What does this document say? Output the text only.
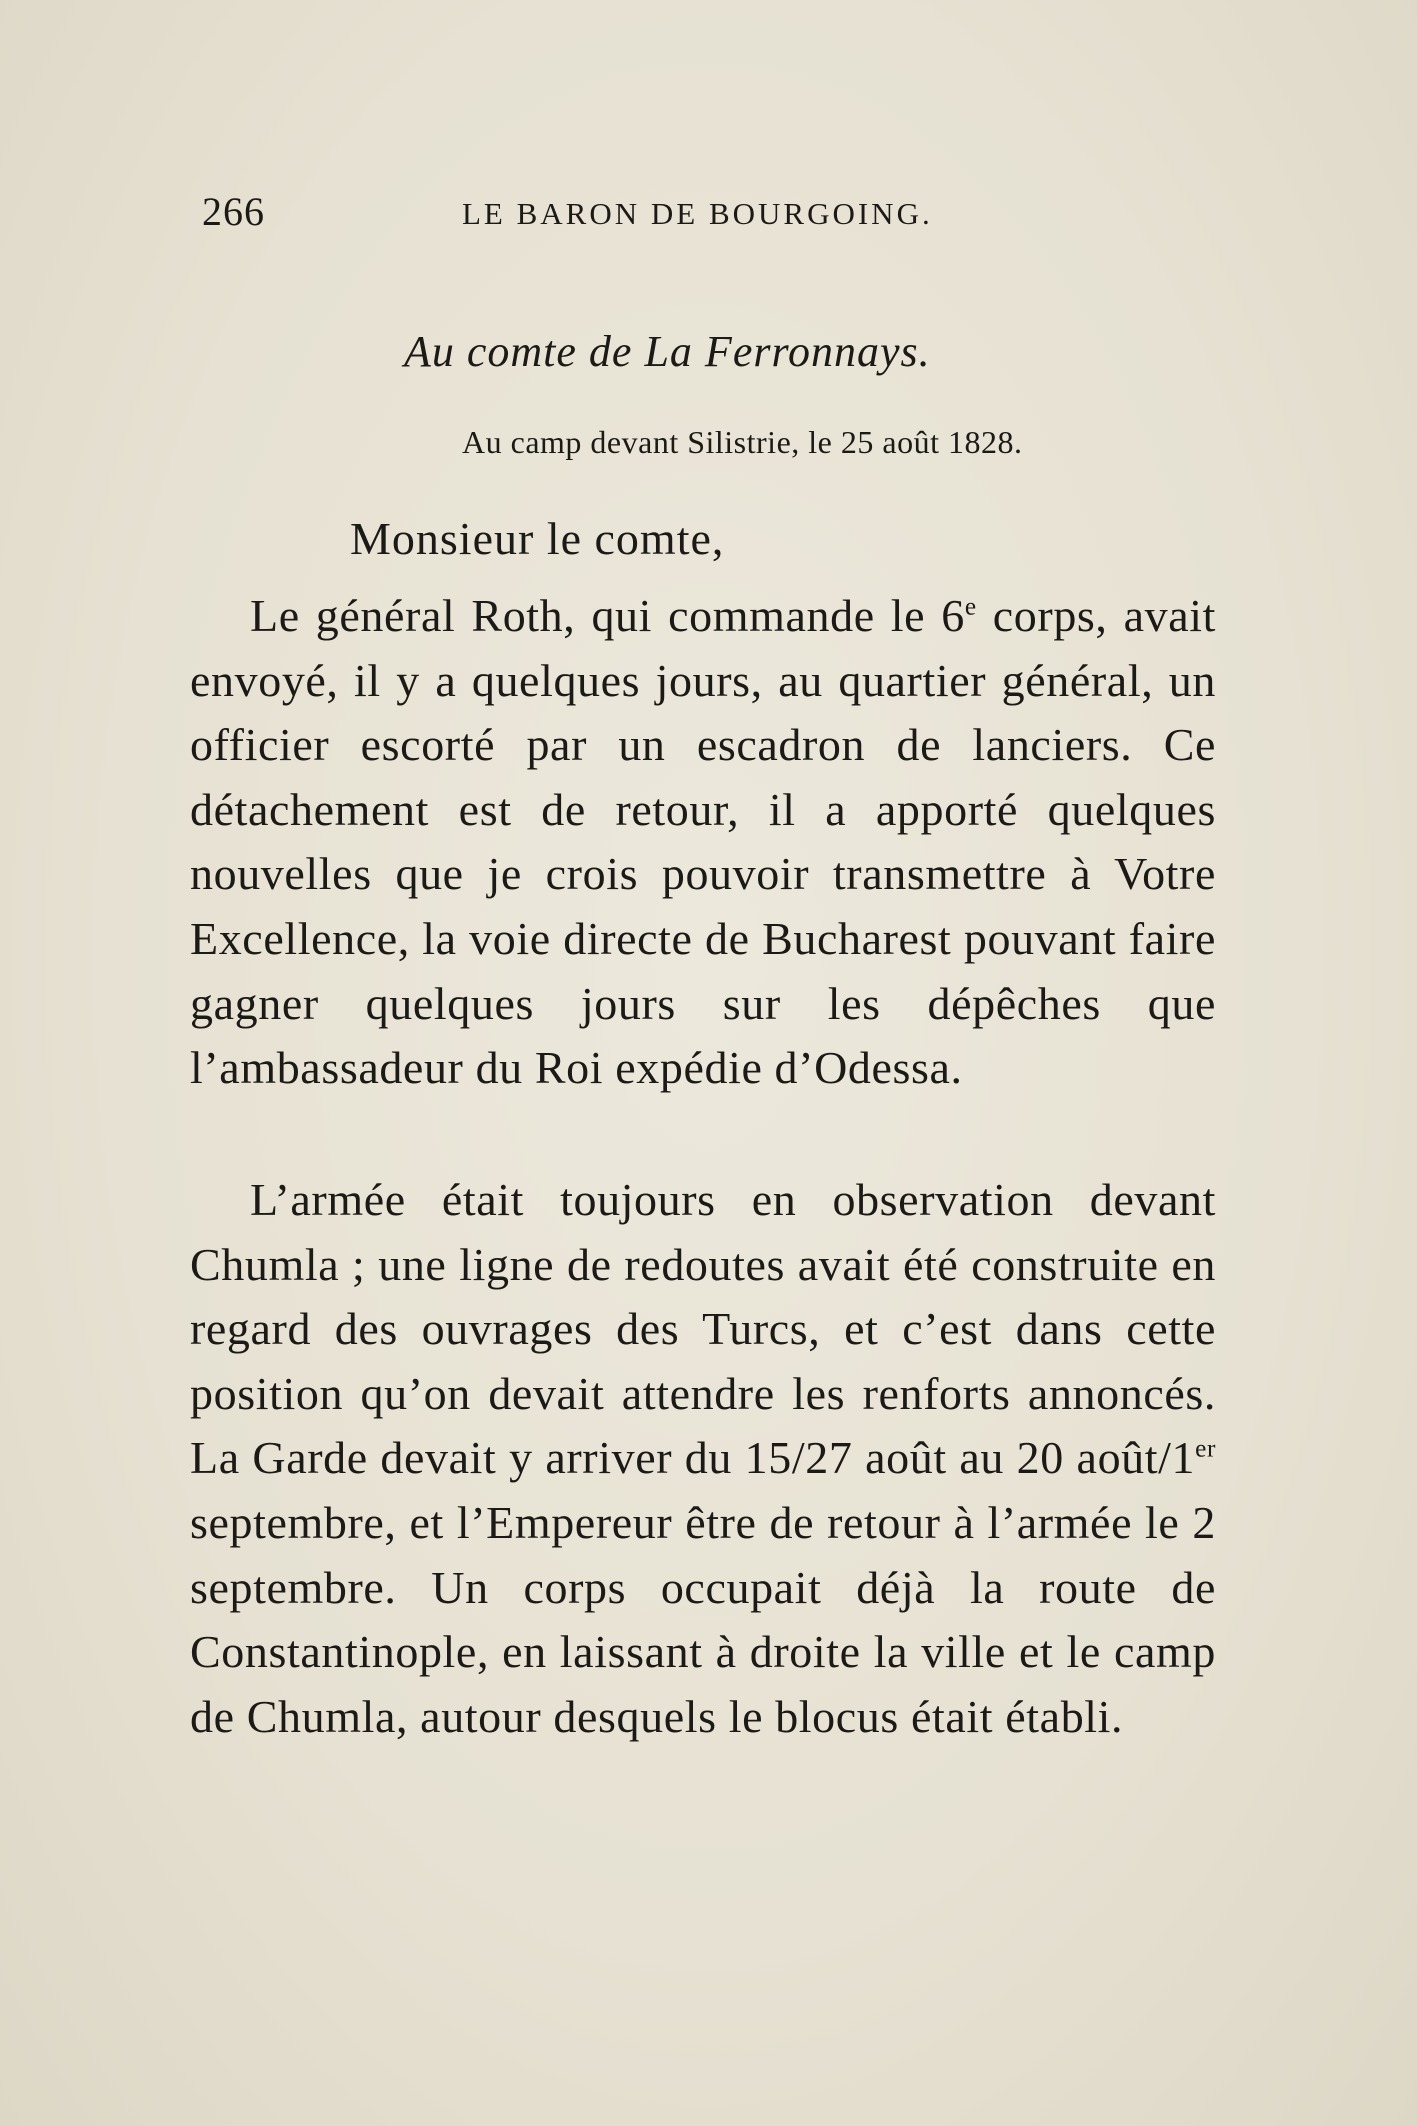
266	LE BARON DE BOURGOING.
Au comte de La Ferronnays.
Au camp devant Silistrie, le 25 août 1828.
Monsieur le comte,

Le général Roth, qui commande le 6e corps, avait envoyé, il y a quelques jours, au quartier général, un officier escorté par un escadron de lanciers. Ce détachement est de retour, il a apporté quelques nouvelles que je crois pouvoir transmettre à Votre Excellence, la voie directe de Bucharest pouvant faire gagner quelques jours sur les dépêches que l’ambassadeur du Roi expédie d’Odessa.

L’armée était toujours en observation devant Chumla ; une ligne de redoutes avait été construite en regard des ouvrages des Turcs, et c’est dans cette position qu’on devait attendre les renforts annoncés. La Garde devait y arriver du 15/27 août au 20 août/1er septembre, et l’Empereur être de retour à l’armée le 2 septembre. Un corps occupait déjà la route de Constantinople, en laissant à droite la ville et le camp de Chumla, autour desquels le blocus était établi.
